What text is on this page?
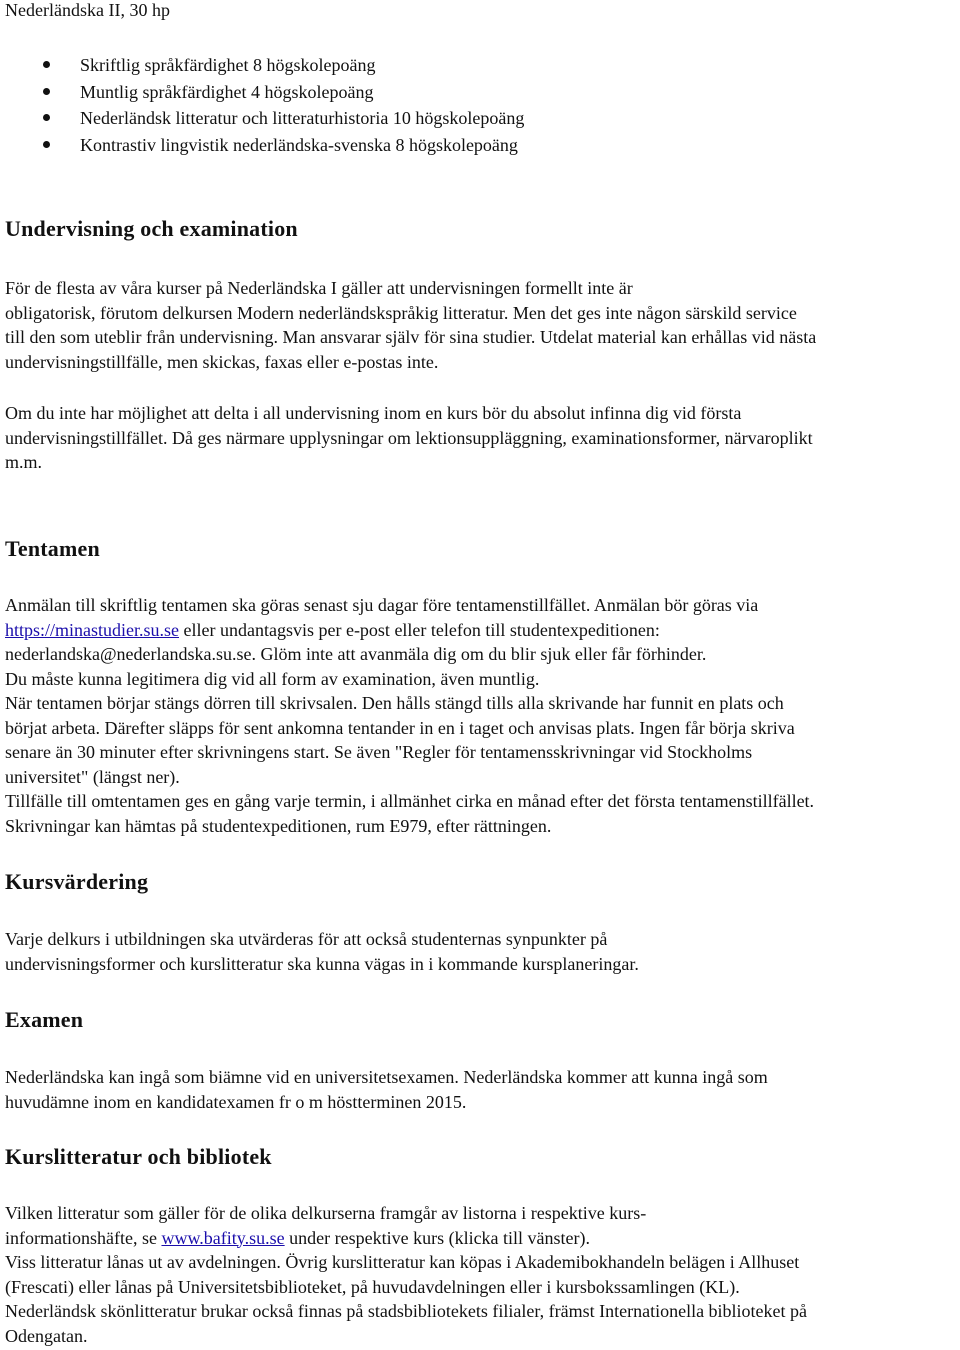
Nederländska II, 30 hp
Skriftlig språkfärdighet 8 högskolepoäng
Muntlig språkfärdighet 4 högskolepoäng
Nederländsk litteratur och litteraturhistoria 10 högskolepoäng
Kontrastiv lingvistik nederländska-svenska 8 högskolepoäng
Undervisning och examination
För de flesta av våra kurser på Nederländska I gäller att undervisningen formellt inte är
obligatorisk, förutom delkursen Modern nederländskspråkig litteratur. Men det ges inte någon särskild service
till den som uteblir från undervisning. Man ansvarar själv för sina studier. Utdelat material kan erhållas vid nästa
undervisningstillfälle, men skickas, faxas eller e-postas inte.
Om du inte har möjlighet att delta i all undervisning inom en kurs bör du absolut infinna dig vid första
undervisningstillfället. Då ges närmare upplysningar om lektionsuppläggning, examinationsformer, närvaroplikt
m.m.
Tentamen
Anmälan till skriftlig tentamen ska göras senast sju dagar före tentamenstillfället. Anmälan bör göras via
https://minastudier.su.se eller undantagsvis per e-post eller telefon till studentexpeditionen:
nederlandska@nederlandska.su.se. Glöm inte att avanmäla dig om du blir sjuk eller får förhinder.
Du måste kunna legitimera dig vid all form av examination, även muntlig.
När tentamen börjar stängs dörren till skrivsalen. Den hålls stängd tills alla skrivande har funnit en plats och
börjat arbeta. Därefter släpps för sent ankomna tentander in en i taget och anvisas plats. Ingen får börja skriva
senare än 30 minuter efter skrivningens start. Se även "Regler för tentamensskrivningar vid Stockholms
universitet" (längst ner).
Tillfälle till omtentamen ges en gång varje termin, i allmänhet cirka en månad efter det första tentamenstillfället.
Skrivningar kan hämtas på studentexpeditionen, rum E979, efter rättningen.
Kursvärdering
Varje delkurs i utbildningen ska utvärderas för att också studenternas synpunkter på
undervisningsformer och kurslitteratur ska kunna vägas in i kommande kursplaneringar.
Examen
Nederländska kan ingå som biämne vid en universitetsexamen. Nederländska kommer att kunna ingå som
huvudämne inom en kandidatexamen fr o m höstterminen 2015.
Kurslitteratur och bibliotek
Vilken litteratur som gäller för de olika delkurserna framgår av listorna i respektive kurs-
informationshäfte, se www.bafity.su.se under respektive kurs (klicka till vänster).
Viss litteratur lånas ut av avdelningen. Övrig kurslitteratur kan köpas i Akademibokhandeln belägen i Allhuset
(Frescati) eller lånas på Universitetsbiblioteket, på huvudavdelningen eller i kursbokssamlingen (KL).
Nederländsk skönlitteratur brukar också finnas på stadsbibliotekets filialer, främst Internationella biblioteket på
Odengatan.
